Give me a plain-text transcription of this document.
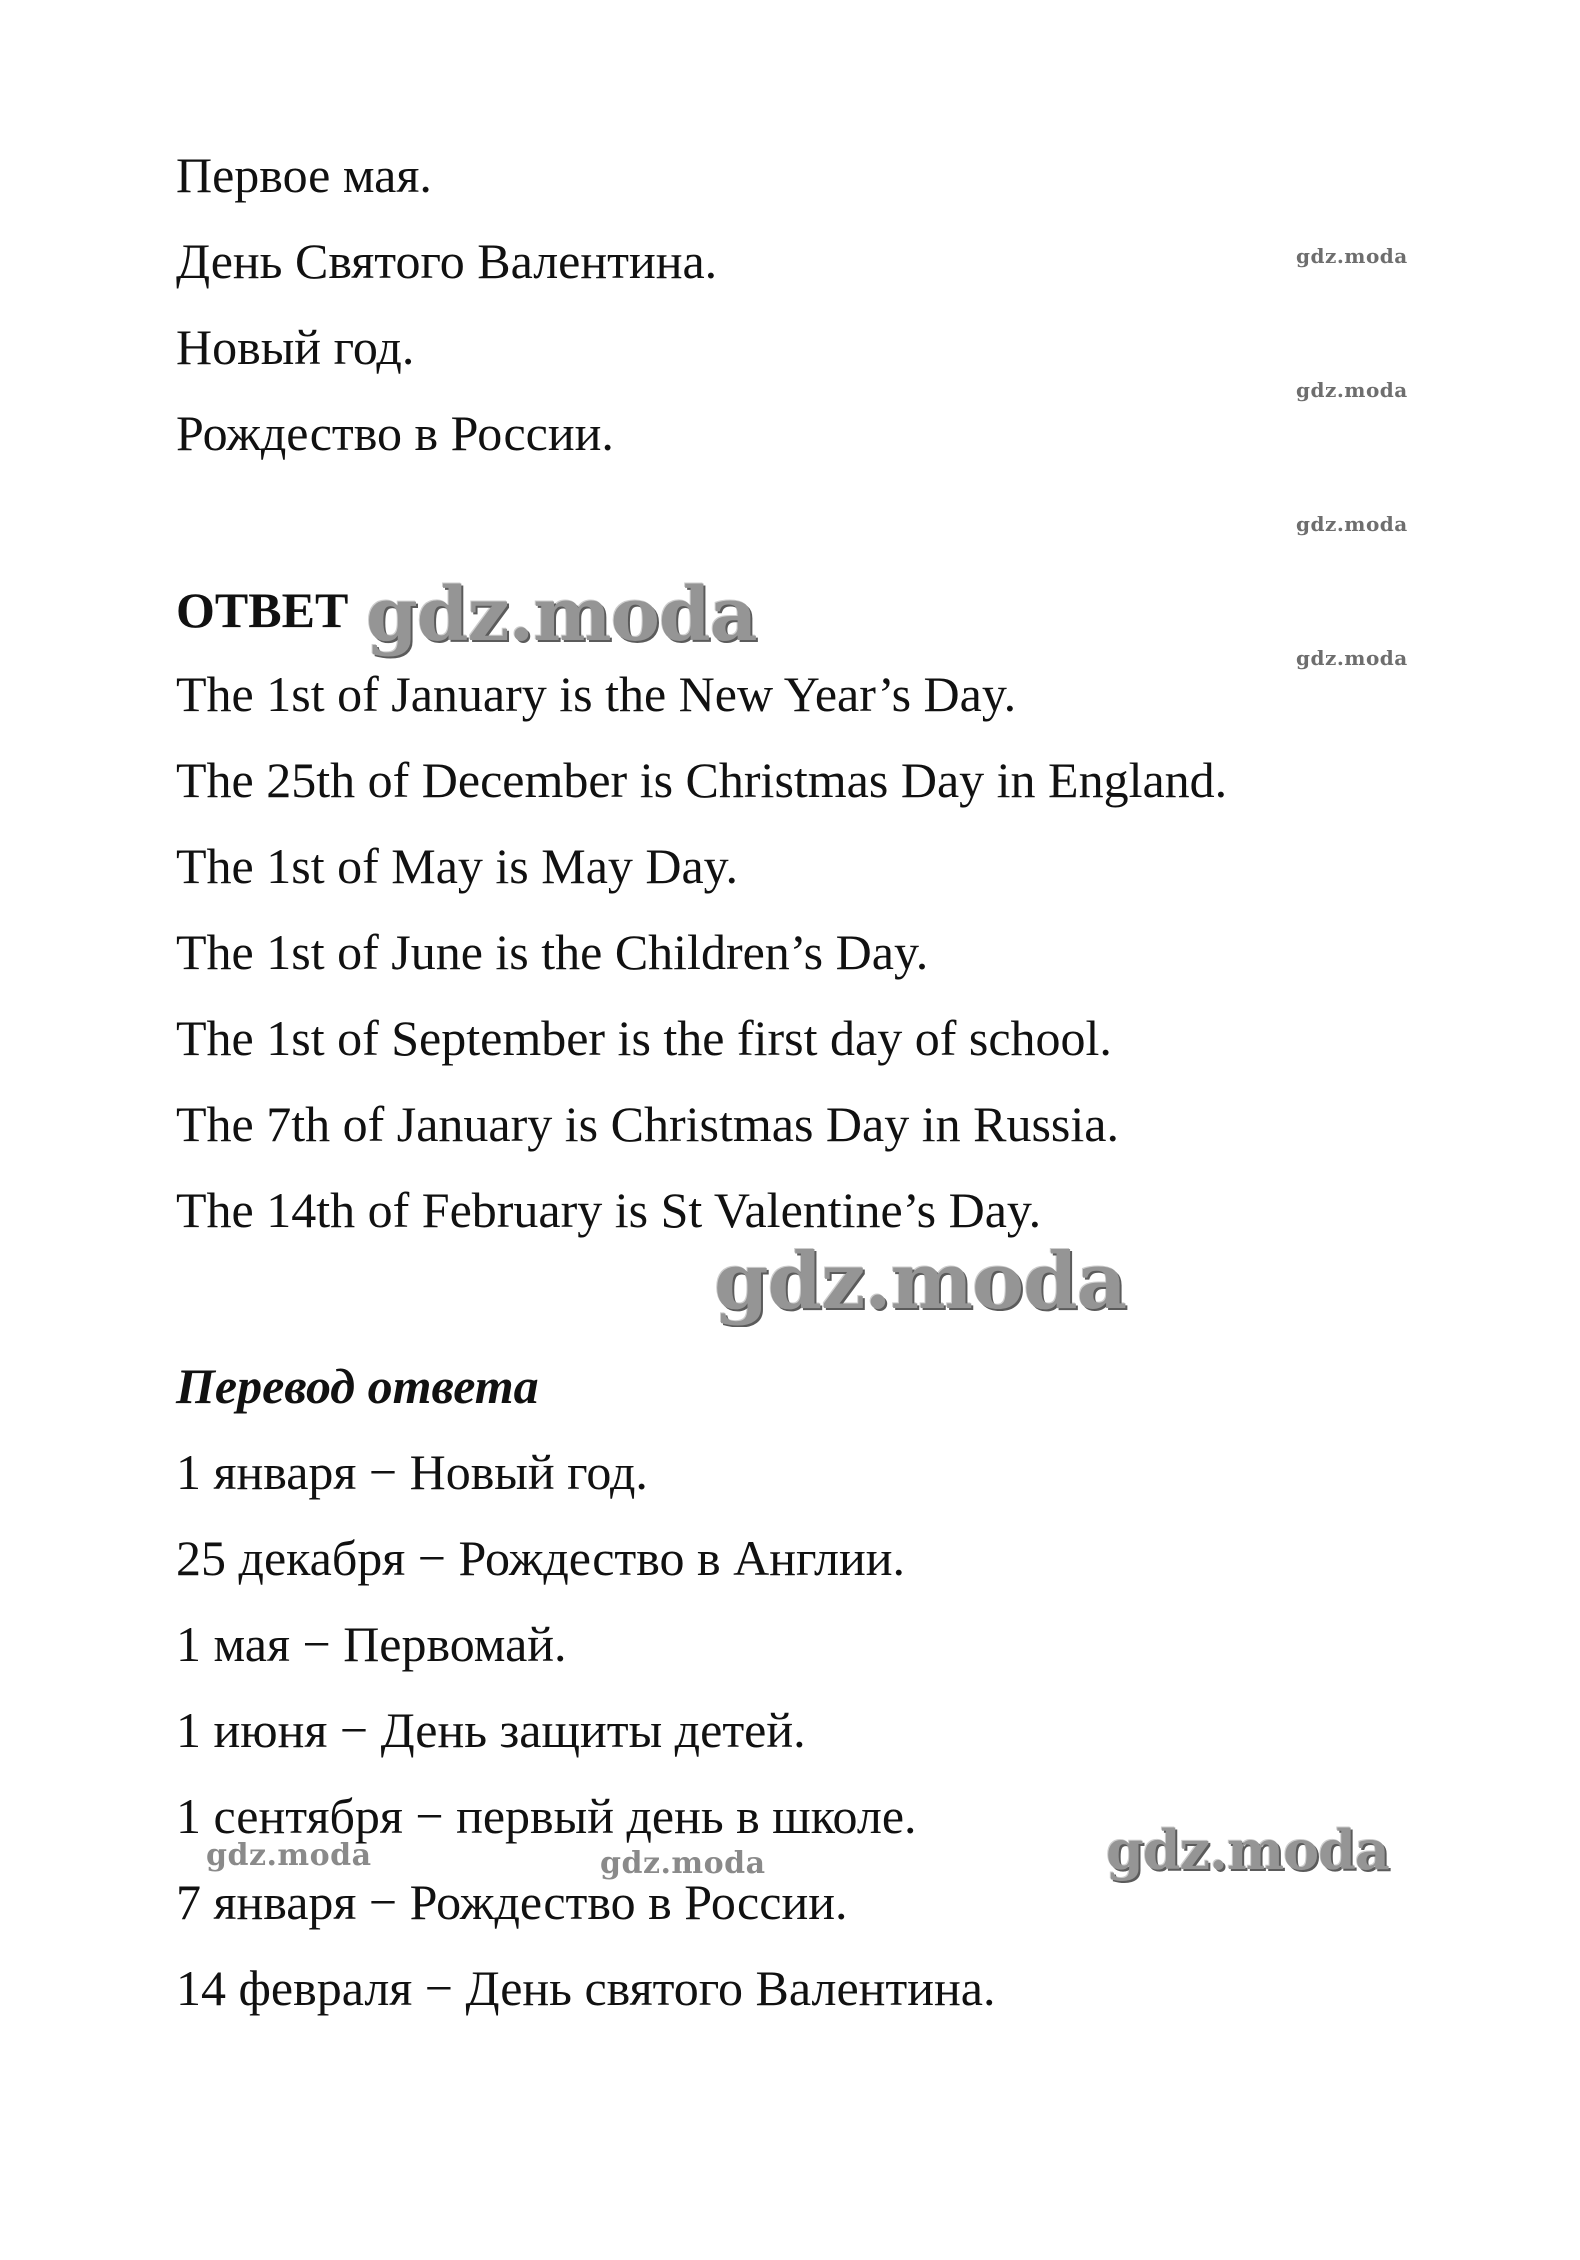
Первое мая.
День Святого Валентина.
Новый год.
Рождество в России.
ОТВЕТ
The 1st of January is the New Year’s Day.
The 25th of December is Christmas Day in England.
The 1st of May is May Day.
The 1st of June is the Children’s Day.
The 1st of September is the first day of school.
The 7th of January is Christmas Day in Russia.
The 14th of February is St Valentine’s Day.
Перевод ответа
1 января − Новый год.
25 декабря − Рождество в Англии.
1 мая − Первомай.
1 июня − День защиты детей.
1 сентября − первый день в школе.
7 января − Рождество в России.
14 февраля − День святого Валентина.
gdz.moda
gdz.moda
gdz.moda
gdz.moda
gdz.moda	gdz.moda
gdz.moda
gdz.moda
gdz.moda
